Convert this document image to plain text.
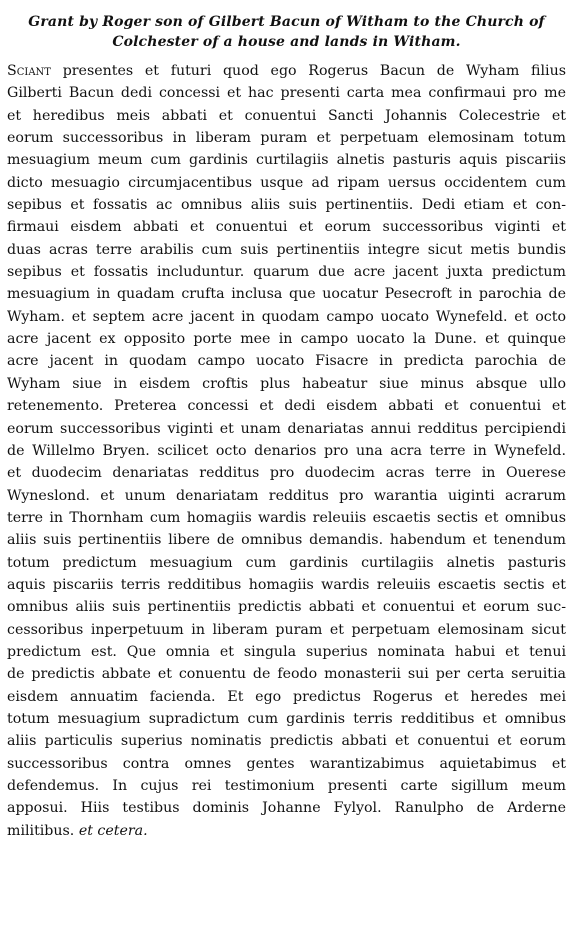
Grant by Roger son of Gilbert Bacun of Witham to the Church of
Colchester of a house and lands in Witham.
Sciant presentes et futuri quod ego Rogerus Bacun de Wyham filius
Gilberti Bacun dedi concessi et hac presenti carta mea confirmaui pro me
et heredibus meis abbati et conuentui Sancti Johannis Colecestrie et
eorum successoribus in liberam puram et perpetuam elemosinam totum
mesuagium meum cum gardinis curtilagiis alnetis pasturis aquis piscariis
dicto mesuagio circumjacentibus usque ad ripam uersus occidentem cum
sepibus et fossatis ac omnibus aliis suis pertinentiis. Dedi etiam et con-
firmaui eisdem abbati et conuentui et eorum successoribus viginti et
duas acras terre arabilis cum suis pertinentiis integre sicut metis bundis
sepibus et fossatis includuntur. quarum due acre jacent juxta predictum
mesuagium in quadam crufta inclusa que uocatur Pesecroft in parochia de
Wyham. et septem acre jacent in quodam campo uocato Wynefeld. et octo
acre jacent ex opposito porte mee in campo uocato la Dune. et quinque
acre jacent in quodam campo uocato Fisacre in predicta parochia de
Wyham siue in eisdem croftis plus habeatur siue minus absque ullo
retenemento. Preterea concessi et dedi eisdem abbati et conuentui et
eorum successoribus viginti et unam denariatas annui redditus percipiendi
de Willelmo Bryen. scilicet octo denarios pro una acra terre in Wynefeld.
et duodecim denariatas redditus pro duodecim acras terre in Ouerese
Wyneslond. et unum denariatam redditus pro warantia uiginti acrarum
terre in Thornham cum homagiis wardis releuiis escaetis sectis et omnibus
aliis suis pertinentiis libere de omnibus demandis. habendum et tenendum
totum predictum mesuagium cum gardinis curtilagiis alnetis pasturis
aquis piscariis terris redditibus homagiis wardis releuiis escaetis sectis et
omnibus aliis suis pertinentiis predictis abbati et conuentui et eorum suc-
cessoribus inperpetuum in liberam puram et perpetuam elemosinam sicut
predictum est. Que omnia et singula superius nominata habui et tenui
de predictis abbate et conuentu de feodo monasterii sui per certa seruitia
eisdem annuatim facienda. Et ego predictus Rogerus et heredes mei
totum mesuagium supradictum cum gardinis terris redditibus et omnibus
aliis particulis superius nominatis predictis abbati et conuentui et eorum
successoribus contra omnes gentes warantizabimus aquietabimus et
defendemus. In cujus rei testimonium presenti carte sigillum meum
apposui. Hiis testibus dominis Johanne Fylyol. Ranulpho de Arderne
militibus. et cetera.
